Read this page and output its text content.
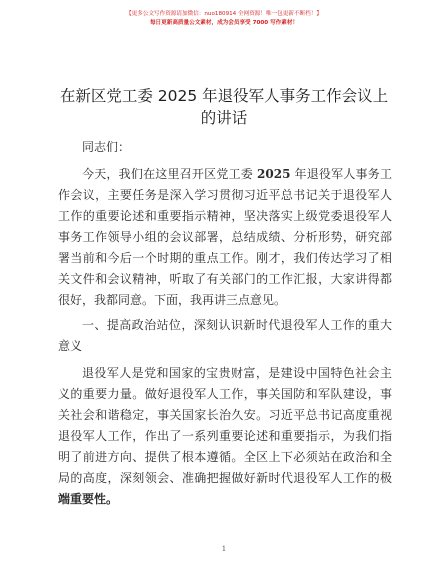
【更多公文写作资源请加微信：nuo180914 全网资源！唯一包更新不断档！】
每日更新高质量公文素材，成为会员享受 7000 写作素材！
在新区党工委 2025 年退役军人事务工作会议上
的讲话

同志们：

今天，我们在这里召开区党工委 2025 年退役军人事务工作会议，主要任务是深入学习贯彻习近平总书记关于退役军人工作的重要论述和重要指示精神，坚决落实上级党委退役军人事务工作领导小组的会议部署，总结成绩、分析形势，研究部署当前和今后一个时期的重点工作。刚才，我们传达学习了相关文件和会议精神，听取了有关部门的工作汇报，大家讲得都很好，我都同意。下面，我再讲三点意见。

一、提高政治站位，深刻认识新时代退役军人工作的重大意义

退役军人是党和国家的宝贵财富，是建设中国特色社会主义的重要力量。做好退役军人工作，事关国防和军队建设，事关社会和谐稳定，事关国家长治久安。习近平总书记高度重视退役军人工作，作出了一系列重要论述和重要指示，为我们指明了前进方向、提供了根本遵循。全区上下必须站在政治和全局的高度，深刻领会、准确把握做好新时代退役军人工作的极端重要性。

1
